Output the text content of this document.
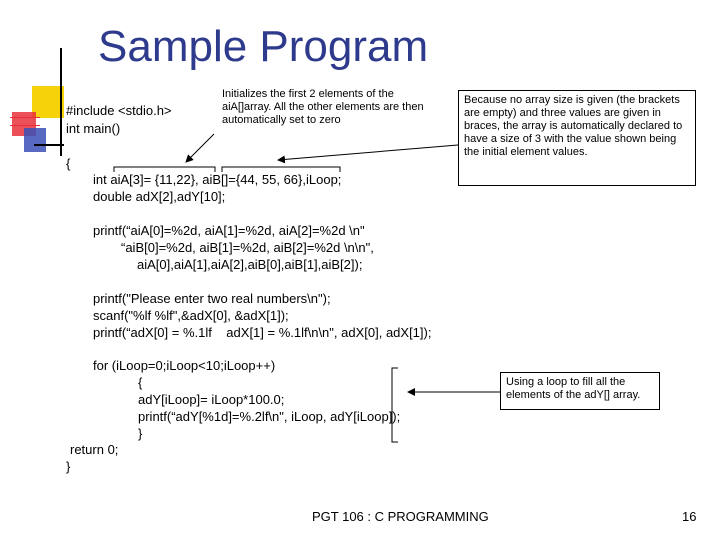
Sample Program
#include <stdio.h>
int main()
{
int aiA[3]= {11,22}, aiB[]={44, 55, 66},iLoop;
double adX[2],adY[10];
printf(“aiA[0]=%2d, aiA[1]=%2d, aiA[2]=%2d \n"
“aiB[0]=%2d, aiB[1]=%2d, aiB[2]=%2d \n\n",
aiA[0],aiA[1],aiA[2],aiB[0],aiB[1],aiB[2]);
printf("Please enter two real numbers\n");
scanf("%lf %lf",&adX[0], &adX[1]);
printf(“adX[0] = %.1lf    adX[1] = %.1lf\n\n", adX[0], adX[1]);
for (iLoop=0;iLoop<10;iLoop++)
{
adY[iLoop]= iLoop*100.0;
printf(“adY[%1d]=%.2lf\n", iLoop, adY[iLoop]);
}
return 0;
}
Initializes the first 2 elements of the aiA[]array. All the other elements are then automatically set to zero
Because no array size is given (the brackets are empty) and three values are given in braces, the array is automatically declared to have a size of 3 with the value shown being the initial element values.
Using a loop to fill all the elements of the adY[] array.
PGT 106 : C PROGRAMMING	16
